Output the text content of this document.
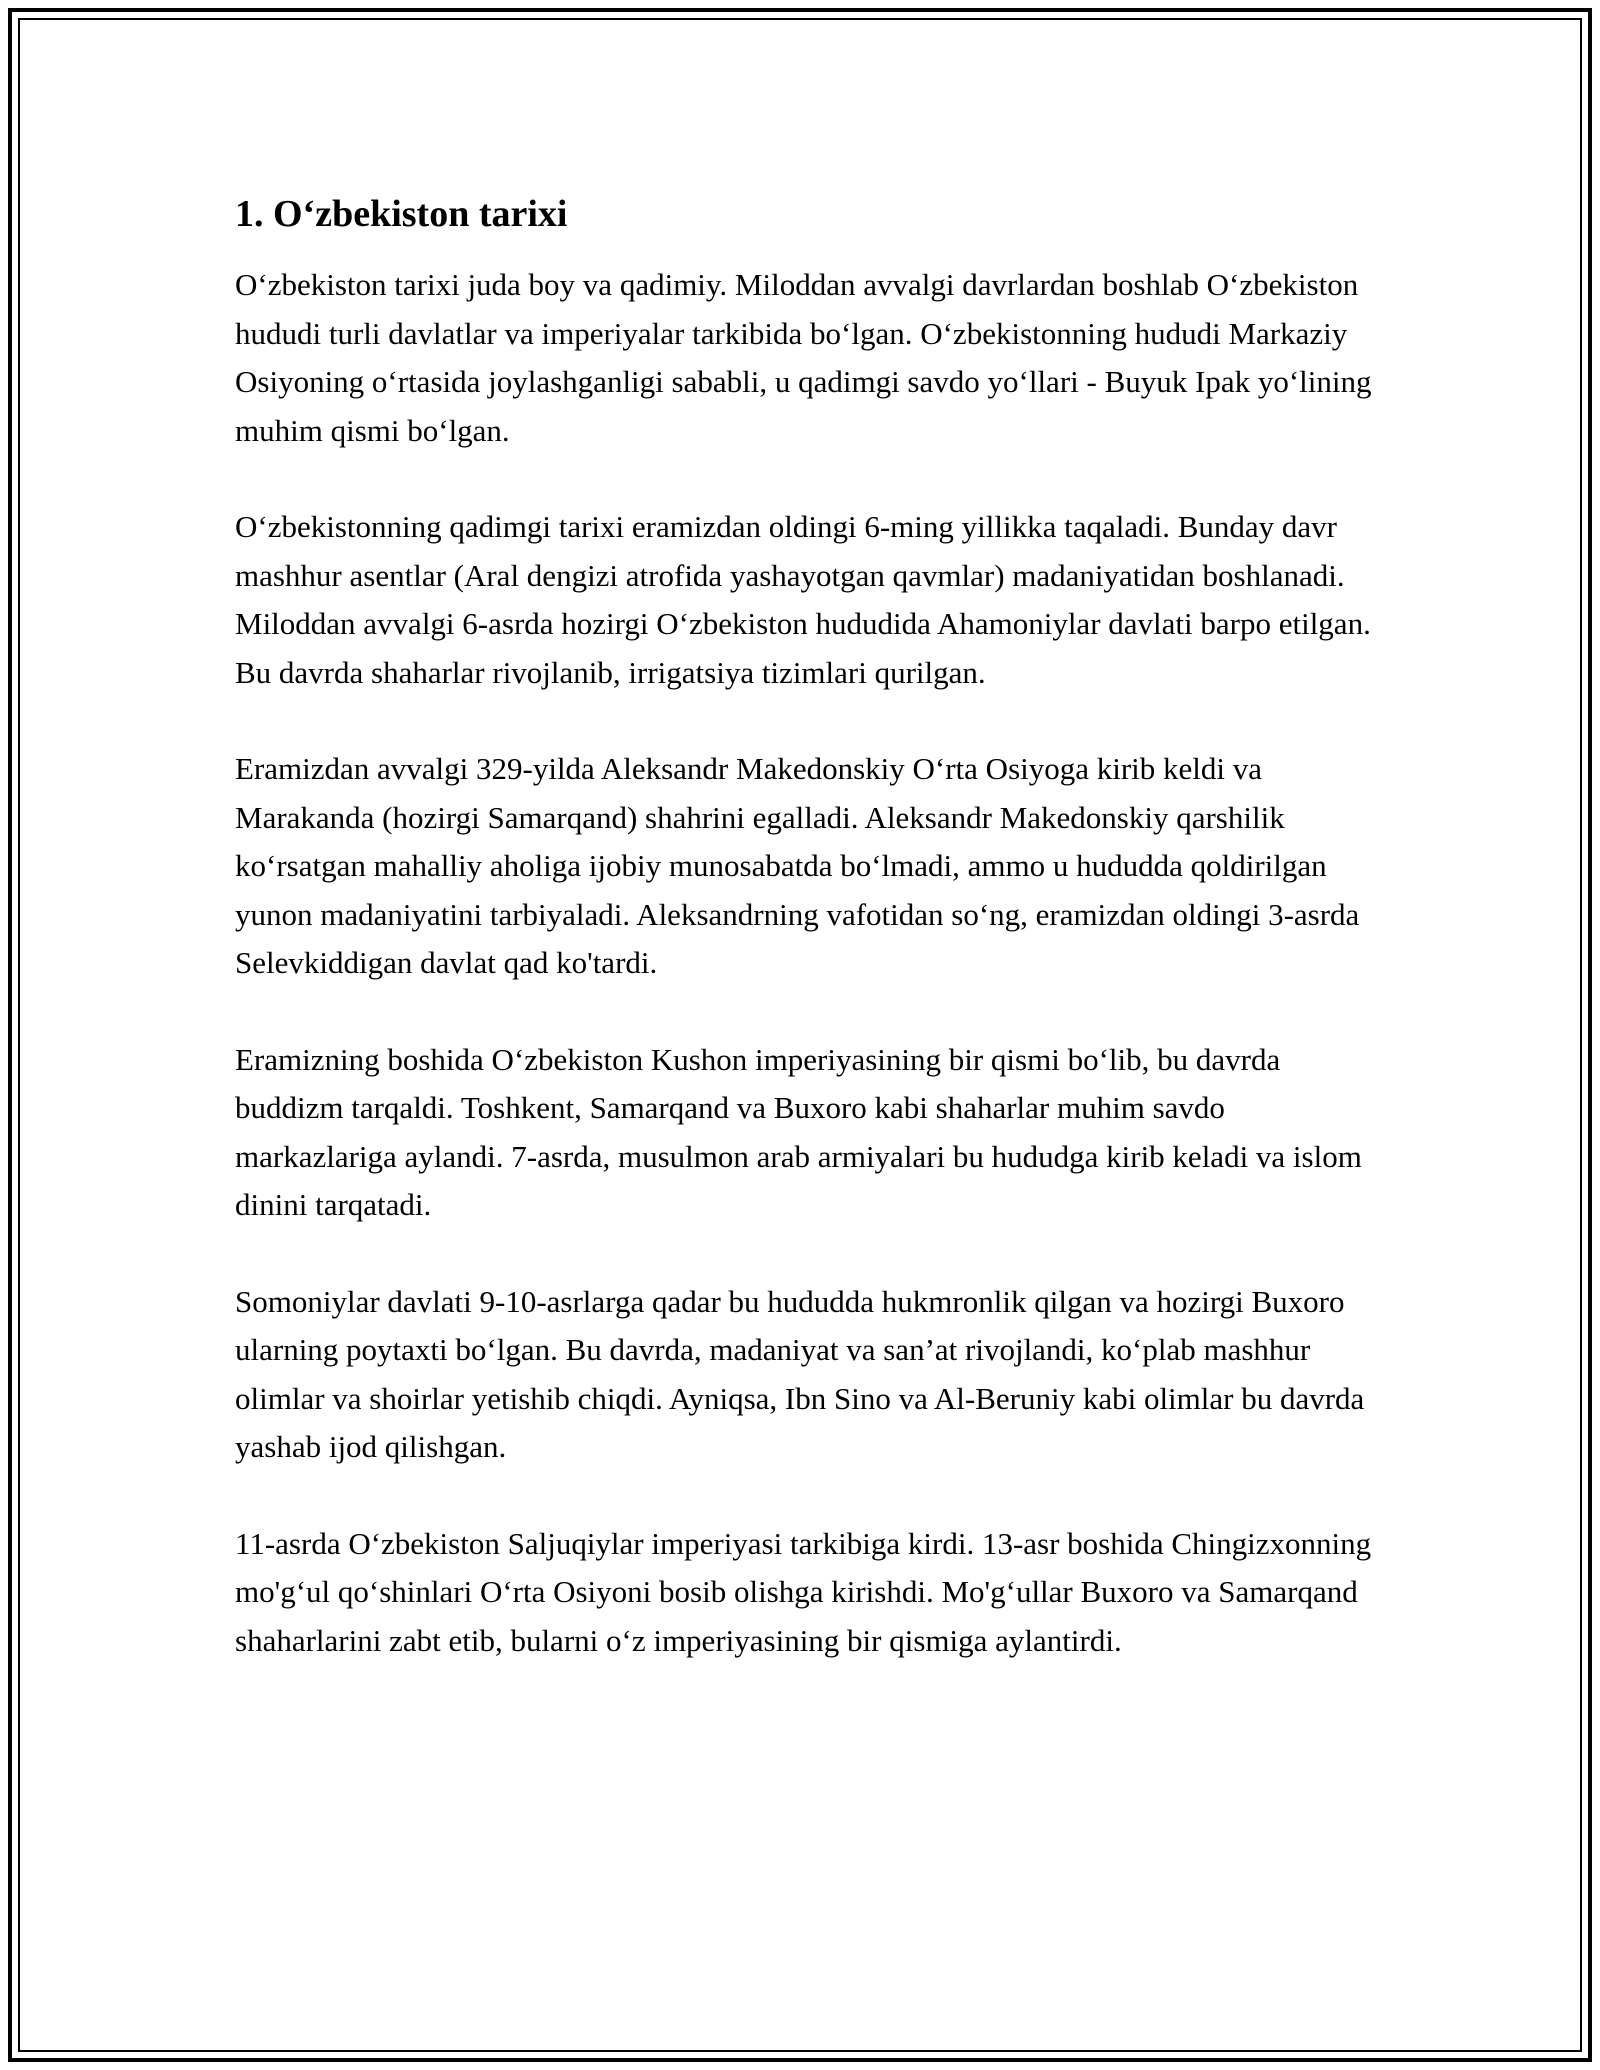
1. O‘zbekiston tarixi

O‘zbekiston tarixi juda boy va qadimiy. Miloddan avvalgi davrlardan boshlab O‘zbekiston hududi turli davlatlar va imperiyalar tarkibida bo‘lgan. O‘zbekistonning hududi Markaziy Osiyoning o‘rtasida joylashganligi sababli, u qadimgi savdo yo‘llari - Buyuk Ipak yo‘lining muhim qismi bo‘lgan.

O‘zbekistonning qadimgi tarixi eramizdan oldingi 6-ming yillikka taqaladi. Bunday davr mashhur asentlar (Aral dengizi atrofida yashayotgan qavmlar) madaniyatidan boshlanadi. Miloddan avvalgi 6-asrda hozirgi O‘zbekiston hududida Ahamoniylar davlati barpo etilgan. Bu davrda shaharlar rivojlanib, irrigatsiya tizimlari qurilgan.

Eramizdan avvalgi 329-yilda Aleksandr Makedonskiy O‘rta Osiyoga kirib keldi va Marakanda (hozirgi Samarqand) shahrini egalladi. Aleksandr Makedonskiy qarshilik ko‘rsatgan mahalliy aholiga ijobiy munosabatda bo‘lmadi, ammo u hududda qoldirilgan yunon madaniyatini tarbiyaladi. Aleksandrning vafotidan so‘ng, eramizdan oldingi 3-asrda Selevkiddigan davlat qad ko'tardi.

Eramizning boshida O‘zbekiston Kushon imperiyasining bir qismi bo‘lib, bu davrda buddizm tarqaldi. Toshkent, Samarqand va Buxoro kabi shaharlar muhim savdo markazlariga aylandi. 7-asrda, musulmon arab armiyalari bu hududga kirib keladi va islom dinini tarqatadi.

Somoniylar davlati 9-10-asrlarga qadar bu hududda hukmronlik qilgan va hozirgi Buxoro ularning poytaxti bo‘lgan. Bu davrda, madaniyat va san’at rivojlandi, ko‘plab mashhur olimlar va shoirlar yetishib chiqdi. Ayniqsa, Ibn Sino va Al-Beruniy kabi olimlar bu davrda yashab ijod qilishgan.

11-asrda O‘zbekiston Saljuqiylar imperiyasi tarkibiga kirdi. 13-asr boshida Chingizxonning mo'g‘ul qo‘shinlari O‘rta Osiyoni bosib olishga kirishdi. Mo'g‘ullar Buxoro va Samarqand shaharlarini zabt etib, bularni o‘z imperiyasining bir qismiga aylantirdi.
